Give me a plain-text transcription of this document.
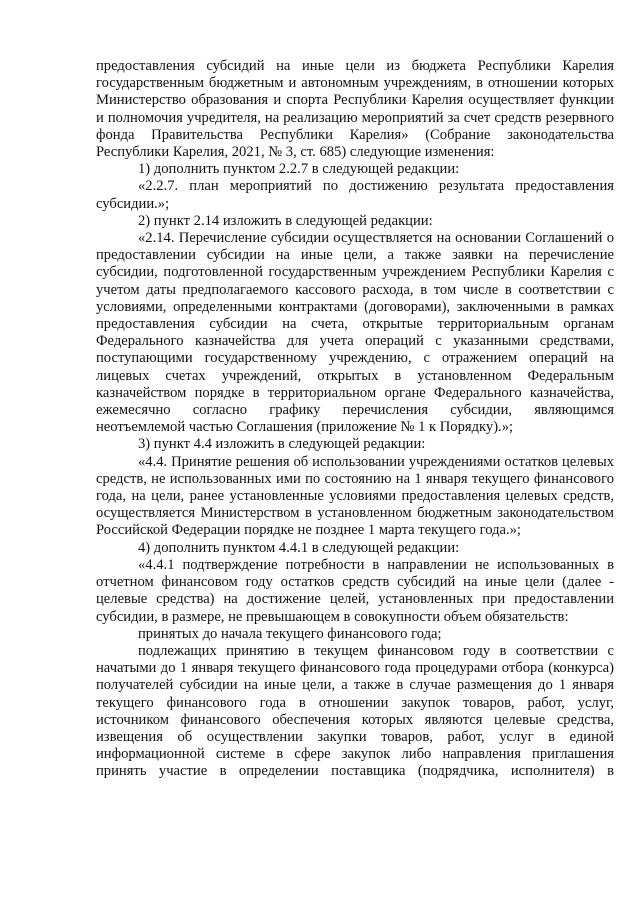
предоставления субсидий на иные цели из бюджета Республики Карелия государственным бюджетным и автономным учреждениям, в отношении которых Министерство образования и спорта Республики Карелия осуществляет функции и полномочия учредителя, на реализацию мероприятий за счет средств резервного фонда Правительства Республики Карелия» (Собрание законодательства Республики Карелия, 2021, № 3, ст. 685) следующие изменения:

1) дополнить пунктом 2.2.7 в следующей редакции:

«2.2.7. план мероприятий по достижению результата предоставления субсидии.»;

2) пункт 2.14 изложить в следующей редакции:

«2.14. Перечисление субсидии осуществляется на основании Соглашений о предоставлении субсидии на иные цели, а также заявки на перечисление субсидии, подготовленной государственным учреждением Республики Карелия с учетом даты предполагаемого кассового расхода, в том числе в соответствии с условиями, определенными контрактами (договорами), заключенными в рамках предоставления субсидии на счета, открытые территориальным органам Федерального казначейства для учета операций с указанными средствами, поступающими государственному учреждению, с отражением операций на лицевых счетах учреждений, открытых в установленном Федеральным казначейством порядке в территориальном органе Федерального казначейства, ежемесячно согласно графику перечисления субсидии, являющимся неотъемлемой частью Соглашения (приложение № 1 к Порядку).»;

3) пункт 4.4 изложить в следующей редакции:

«4.4. Принятие решения об использовании учреждениями остатков целевых средств, не использованных ими по состоянию на 1 января текущего финансового года, на цели, ранее установленные условиями предоставления целевых средств, осуществляется Министерством в установленном бюджетным законодательством Российской Федерации порядке не позднее 1 марта текущего года.»;

4) дополнить пунктом 4.4.1 в следующей редакции:

«4.4.1 подтверждение потребности в направлении не использованных в отчетном финансовом году остатков средств субсидий на иные цели (далее - целевые средства) на достижение целей, установленных при предоставлении субсидии, в размере, не превышающем в совокупности объем обязательств:

принятых до начала текущего финансового года;

подлежащих принятию в текущем финансовом году в соответствии с начатыми до 1 января текущего финансового года процедурами отбора (конкурса) получателей субсидии на иные цели, а также в случае размещения до 1 января текущего финансового года в отношении закупок товаров, работ, услуг, источником финансового обеспечения которых являются целевые средства, извещения об осуществлении закупки товаров, работ, услуг в единой информационной системе в сфере закупок либо направления приглашения принять участие в определении поставщика (подрядчика, исполнителя) в
